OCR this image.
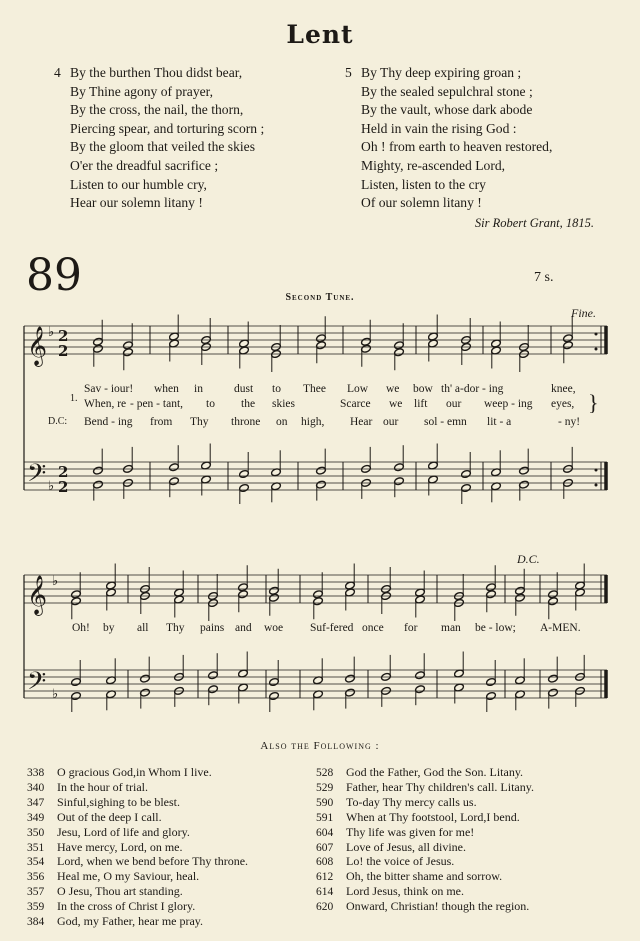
Lent
4 By the burthen Thou didst bear,
By Thine agony of prayer,
By the cross, the nail, the thorn,
Piercing spear, and torturing scorn ;
By the gloom that veiled the skies
O'er the dreadful sacrifice ;
Listen to our humble cry,
Hear our solemn litany !
5 By Thy deep expiring groan ;
By the sealed sepulchral stone ;
By the vault, whose dark abode
Held in vain the rising God :
Oh ! from earth to heaven restored,
Mighty, re-ascended Lord,
Listen, listen to the cry
Of our solemn litany !
Sir Robert Grant, 1815.
89	7 s.
Second Tune.
Fine.
D.C.
𝄞
𝄢
2
2
2
2
♭
♭
𝄞
𝄢
♭
♭
}
1.
Sav - iour! when in	dust to Thee Low we bow th' a-dor - ing	knee,
When, re - pen - tant, to the skies	Scarce we lift our weep - ing eyes,
D.C: Bend - ing from Thy throne on high, Hear our sol - emn lit - a	- ny!
Oh! by all Thy pains and woe Suf-fered once for man be - low; A-MEN.
Also the Following :
338 O gracious God,in Whom I live.
340 In the hour of trial.
347 Sinful,sighing to be blest.
349 Out of the deep I call.
350 Jesu, Lord of life and glory.
351 Have mercy, Lord, on me.
354 Lord, when we bend before Thy throne.
356 Heal me, O my Saviour, heal.
357 O Jesu, Thou art standing.
359 In the cross of Christ I glory.
384 God, my Father, hear me pray.
528 God the Father, God the Son. Litany.
529 Father, hear Thy children's call. Litany.
590 To-day Thy mercy calls us.
591 When at Thy footstool, Lord,I bend.
604 Thy life was given for me!
607 Love of Jesus, all divine.
608 Lo! the voice of Jesus.
612 Oh, the bitter shame and sorrow.
614 Lord Jesus, think on me.
620 Onward, Christian! though the region.
